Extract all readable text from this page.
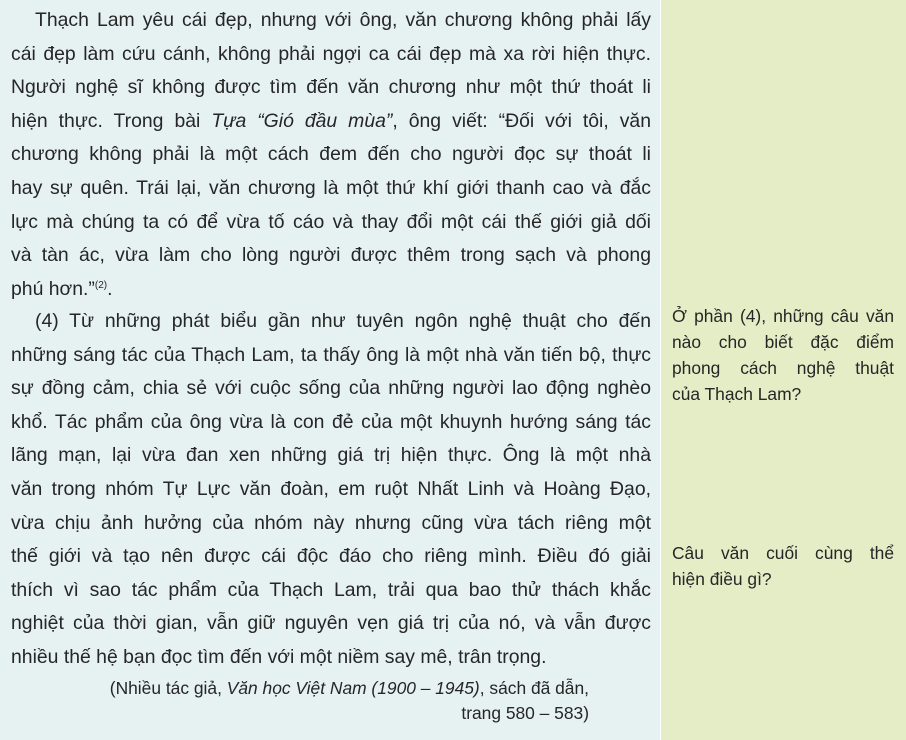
Thạch Lam yêu cái đẹp, nhưng với ông, văn chương không phải lấy
cái đẹp làm cứu cánh, không phải ngợi ca cái đẹp mà xa rời hiện thực.
Người nghệ sĩ không được tìm đến văn chương như một thứ thoát li
hiện thực. Trong bài Tựa “Gió đầu mùa”, ông viết: “Đối với tôi, văn
chương không phải là một cách đem đến cho người đọc sự thoát li
hay sự quên. Trái lại, văn chương là một thứ khí giới thanh cao và đắc
lực mà chúng ta có để vừa tố cáo và thay đổi một cái thế giới giả dối
và tàn ác, vừa làm cho lòng người được thêm trong sạch và phong
phú hơn.”$^{(2)}$.
(4) Từ những phát biểu gần như tuyên ngôn nghệ thuật cho đến
những sáng tác của Thạch Lam, ta thấy ông là một nhà văn tiến bộ, thực
sự đồng cảm, chia sẻ với cuộc sống của những người lao động nghèo
khổ. Tác phẩm của ông vừa là con đẻ của một khuynh hướng sáng tác
lãng mạn, lại vừa đan xen những giá trị hiện thực. Ông là một nhà
văn trong nhóm Tự Lực văn đoàn, em ruột Nhất Linh và Hoàng Đạo,
vừa chịu ảnh hưởng của nhóm này nhưng cũng vừa tách riêng một
thế giới và tạo nên được cái độc đáo cho riêng mình. Điều đó giải
thích vì sao tác phẩm của Thạch Lam, trải qua bao thử thách khắc
nghiệt của thời gian, vẫn giữ nguyên vẹn giá trị của nó, và vẫn được
nhiều thế hệ bạn đọc tìm đến với một niềm say mê, trân trọng.
(Nhiều tác giả, Văn học Việt Nam (1900 – 1945), sách đã dẫn,
trang 580 – 583)
Ở phần (4), những câu văn
nào cho biết đặc điểm
phong cách nghệ thuật
của Thạch Lam?
Câu văn cuối cùng thể
hiện điều gì?
